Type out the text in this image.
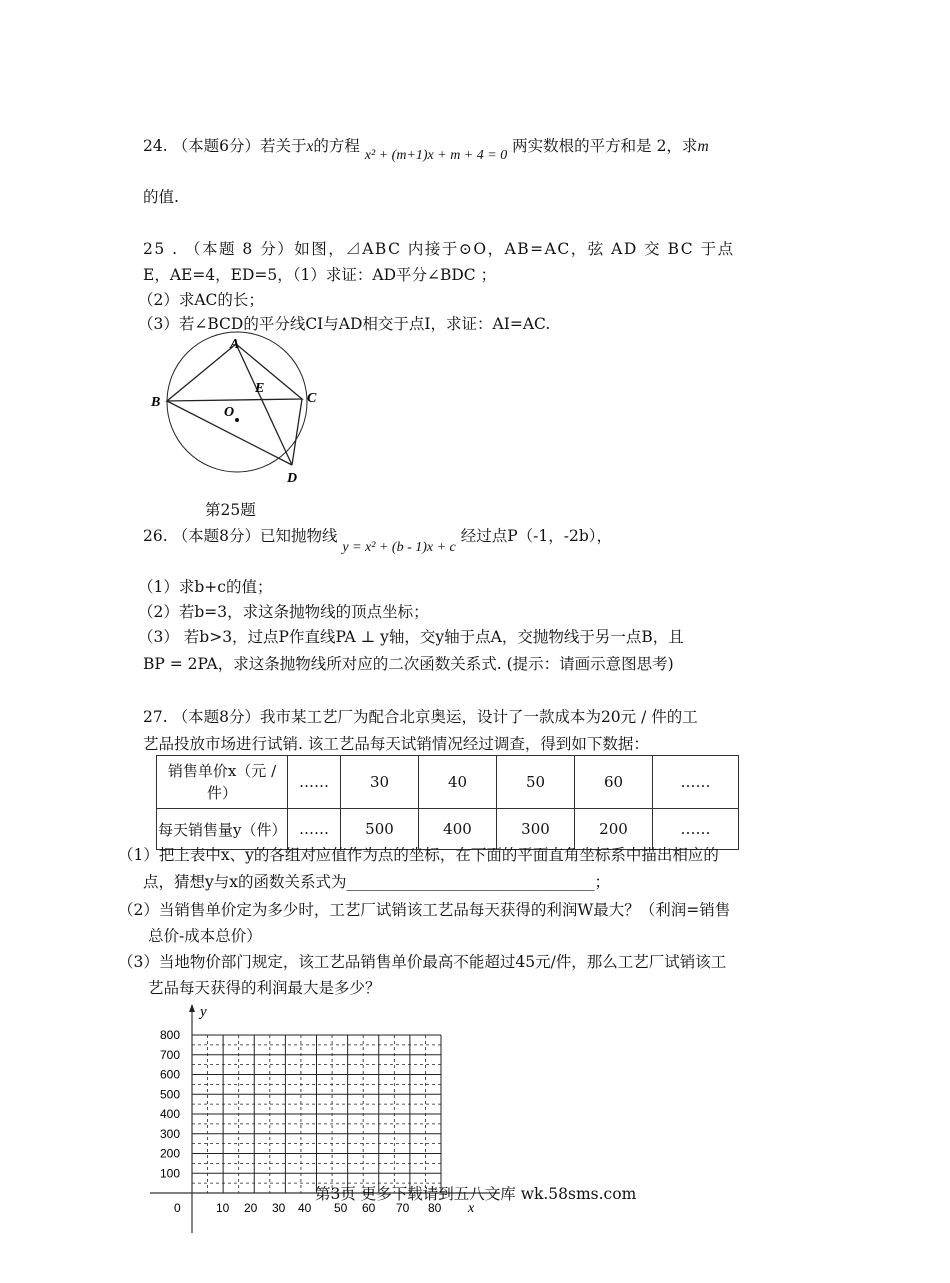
24. （本题6分）若关于x的方程 x² + (m+1)x + m + 4 = 0 两实数根的平方和是 2，求m
的值.
25 . （本题 8 分）如图，⊿ABC 内接于⊙O，AB=AC，弦 AD 交 BC 于点
E，AE=4，ED=5，（1）求证：AD平分∠BDC ；
（2）求AC的长；
（3）若∠BCD的平分线CI与AD相交于点I，求证：AI=AC.
A
B	C
D
E
O
第25题
26. （本题8分）已知抛物线 y = x² + (b - 1)x + c 经过点P（-1，-2b），
（1）求b+c的值；
（2）若b=3，求这条抛物线的顶点坐标；
（3） 若b>3，过点P作直线PA ⊥ y轴，交y轴于点A，交抛物线于另一点B，且
BP = 2PA，求这条抛物线所对应的二次函数关系式. (提示：请画示意图思考)
27. （本题8分）我市某工艺厂为配合北京奥运，设计了一款成本为20元 / 件的工
艺品投放市场进行试销. 该工艺品每天试销情况经过调查，得到如下数据：
销售单价x（元 /
件）	……	30	40	50	60	……
每天销售量y（件）	……	500	400	300	200	……
（1）把上表中x、y的各组对应值作为点的坐标，在下面的平面直角坐标系中描出相应的
点，猜想y与x的函数关系式为________________________________；
（2）当销售单价定为多少时，工艺厂试销该工艺品每天获得的利润W最大？（利润=销售
总价-成本总价）
（3）当地物价部门规定，该工艺品销售单价最高不能超过45元/件，那么工艺厂试销该工
艺品每天获得的利润最大是多少？
y
x
0
800
700
600
500
400
300
200
100
10 20 30 40 50 60 70 80
第3页 更多下载请到五八文库 wk.58sms.com
